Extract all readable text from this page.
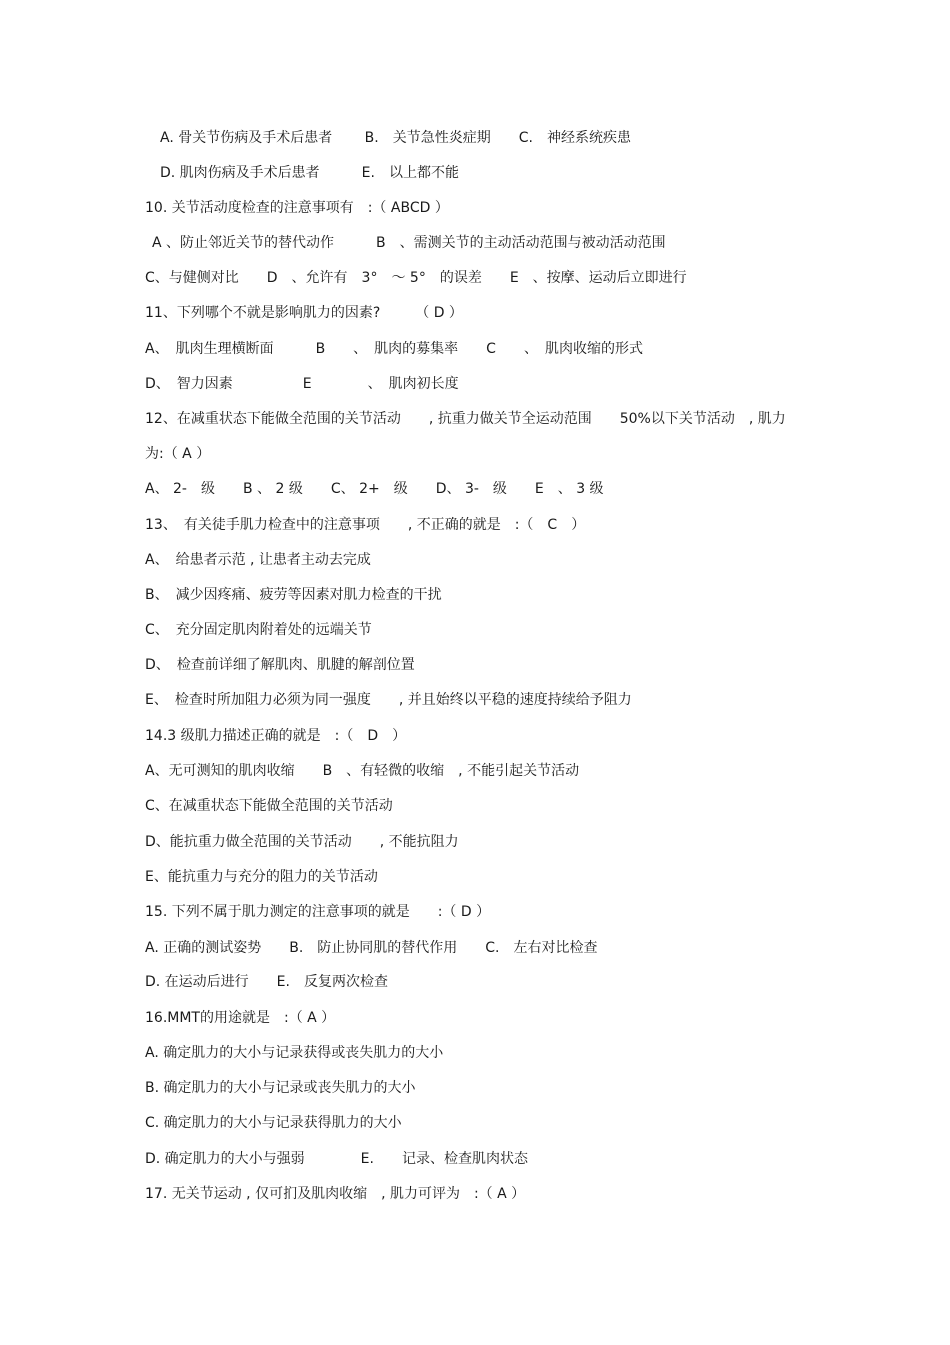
A. 骨关节伤病及手术后患者　　 B.　关节急性炎症期　　C.　神经系统疾患
D. 肌肉伤病及手术后患者　　　E.　以上都不能
10. 关节活动度检查的注意事项有　:（ ABCD ）
A 、防止邻近关节的替代动作　　　B　、需测关节的主动活动范围与被动活动范围
C、与健侧对比　　D　、允许有　3°　～ 5°　的误差　　E　、按摩、运动后立即进行
11、下列哪个不就是影响肌力的因素?　　　（ D ）
A、　肌肉生理横断面　　　B　　、　肌肉的募集率　　C　　、　肌肉收缩的形式
D、　智力因素　　　　　E　　　　、　肌肉初长度
12、在减重状态下能做全范围的关节活动　　, 抗重力做关节全运动范围　　50%以下关节活动　, 肌力
为:（ A ）
A、 2-　级　　B 、 2 级　　C、 2+　级　　D、 3-　级　　E　、 3 级
13、　有关徒手肌力检查中的注意事项　　, 不正确的就是　:（　C　）
A、　给患者示范 , 让患者主动去完成
B、　减少因疼痛、疲劳等因素对肌力检查的干扰
C、　充分固定肌肉附着处的远端关节
D、　检查前详细了解肌肉、肌腱的解剖位置
E、　检查时所加阻力必须为同一强度　　, 并且始终以平稳的速度持续给予阻力
14.3 级肌力描述正确的就是　:（　D　）
A、无可测知的肌肉收缩　　B　、有轻微的收缩　, 不能引起关节活动
C、在减重状态下能做全范围的关节活动
D、能抗重力做全范围的关节活动　　, 不能抗阻力
E、能抗重力与充分的阻力的关节活动
15. 下列不属于肌力测定的注意事项的就是　　:（ D ）
A. 正确的测试姿势　　B.　防止协同肌的替代作用　　C.　左右对比检查
D. 在运动后进行　　E.　反复两次检查
16.MMT的用途就是　:（ A ）
A. 确定肌力的大小与记录获得或丧失肌力的大小
B. 确定肌力的大小与记录或丧失肌力的大小
C. 确定肌力的大小与记录获得肌力的大小
D. 确定肌力的大小与强弱　　　　E.　　记录、检查肌肉状态
17. 无关节运动 , 仅可扪及肌肉收缩　, 肌力可评为　:（ A ）
